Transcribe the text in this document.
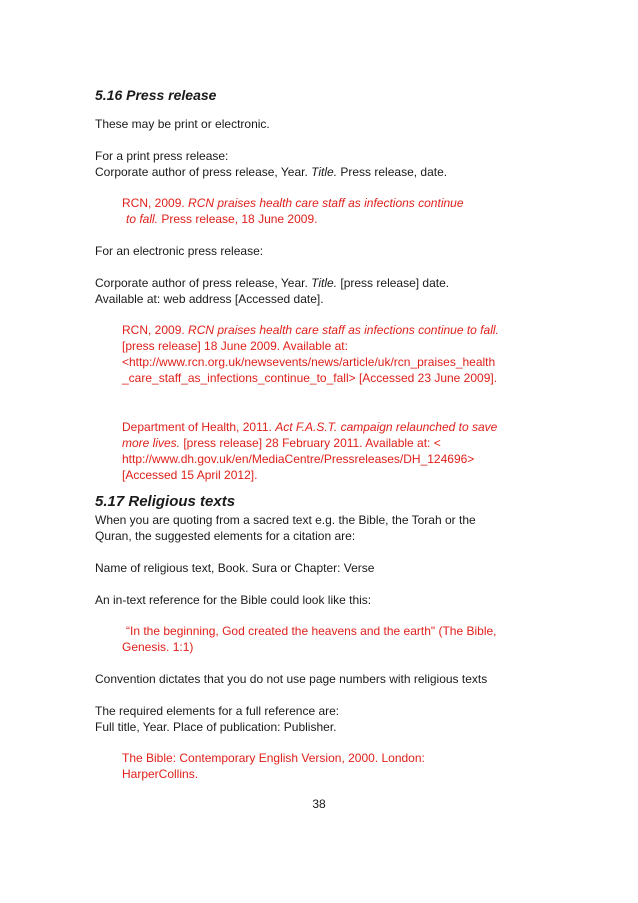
5.16 Press release

These may be print or electronic.

For a print press release:

Corporate author of press release, Year. Title. Press release, date.

RCN, 2009. RCN praises health care staff as infections continue

to fall. Press release, 18 June 2009.

For an electronic press release:

Corporate author of press release, Year. Title. [press release] date.

Available at: web address [Accessed date].

RCN, 2009. RCN praises health care staff as infections continue to fall.

[press release] 18 June 2009. Available at:

<http://www.rcn.org.uk/newsevents/news/article/uk/rcn_praises_health

_care_staff_as_infections_continue_to_fall> [Accessed 23 June 2009].

Department of Health, 2011. Act F.A.S.T. campaign relaunched to save

more lives. [press release] 28 February 2011. Available at: <

http://www.dh.gov.uk/en/MediaCentre/Pressreleases/DH_124696>

[Accessed 15 April 2012].

5.17 Religious texts

When you are quoting from a sacred text e.g. the Bible, the Torah or the
Quran, the suggested elements for a citation are:

Name of religious text, Book. Sura or Chapter: Verse

An in-text reference for the Bible could look like this:

“In the beginning, God created the heavens and the earth" (The Bible,

Genesis. 1:1)

Convention dictates that you do not use page numbers with religious texts

The required elements for a full reference are:
Full title, Year. Place of publication: Publisher.

The Bible: Contemporary English Version, 2000. London:

HarperCollins.

38
